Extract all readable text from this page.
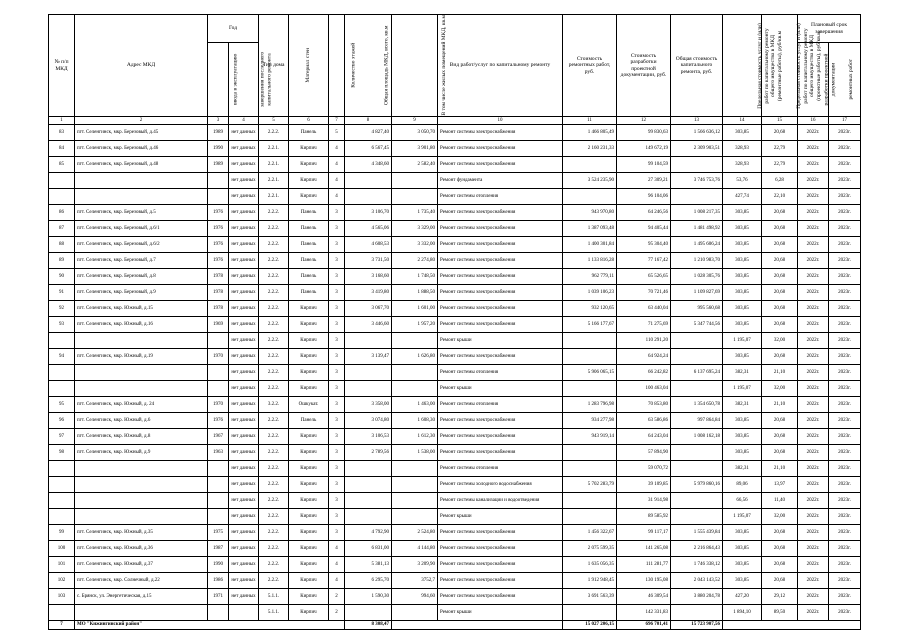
№ п/п МКД	Адрес МКД	Год		Тип дома	Материал стен	Количество этажей	Общая площадь МКД, всего, кв.м	В том числе жилых помещений МКД, кв.м	Вид работ/услуг по капитальному ремонту	Стоимость ремонтных работ, руб.	Стоимость разработки проектной документации, руб.	Общая стоимость капитального ремонта, руб.	Предельная стоимость услуг и (или) работ по капитальному ремонту общего имущества в МКД (ремонтные работы), руб/кв.м	Предельная стоимость услуг и (или) работ по капитальному ремонту общего имущества в МКД (проектные работы), руб/кв.м	Плановый срок завершения	
		ввода в эксплуатацию	завершения последнего капитального ремонта												разработки проектной документации	ремонтных работ
1	2	3	4	5	6	7	8	9	10	11	12	13	14	15	16	17
83	пгт. Селенгинск, мкр. Березовый, д.45	1989	нет данных	2.2.2.	Панель	5	4 827,40	3 050,70	Ремонт системы электроснабжения	1 466 805,49	99 830,63	1 566 636,12	303,85	20,68	2022г.	2023г.
84	пгт. Селенгинск, мкр. Березовый, д.46	1990	нет данных	2.2.1.	Кирпич	4	6 567,45	3 901,80	Ремонт системы электроснабжения	2 160 231,33	149 672,19	2 309 903,51	328,93	22,79	2022г.	2023г.
85	пгт. Селенгинск, мкр. Березовый, д.48	1989	нет данных	2.2.1.	Кирпич	4	4 348,60	2 582,40	Ремонт системы электроснабжения		99 104,59		328,93	22,79	2022г.	2023г.
			нет данных	2.2.1.	Кирпич	4			Ремонт фундамента	3 524 235,90	27 309,21	3 746 753,76	53,76	6,28	2022г.	2023г.
			нет данных	2.2.1.	Кирпич	4			Ремонт системы отопления		96 104,06		427,74	22,10	2022г.	2023г.
86	пгт. Селенгинск, мкр. Березовый, д.5	1976	нет данных	2.2.2.	Панель	3	3 106,70	1 735,40	Ремонт системы электроснабжения	943 970,80	64 246,56	1 008 217,35	303,85	20,68	2022г.	2023г.
87	пгт. Селенгинск, мкр. Березовый, д.6/1	1976	нет данных	2.2.2.	Панель	3	4 565,06	3 329,00	Ремонт системы электроснабжения	1 387 093,48	94 405,44	1 481 498,92	303,85	20,68	2022г.	2023г.
88	пгт. Селенгинск, мкр. Березовый, д.6/2	1976	нет данных	2.2.2.	Панель	3	4 608,53	3 332,00	Ремонт системы электроснабжения	1 400 301,84	95 304,40	1 495 606,24	303,85	20,68	2022г.	2023г.
89	пгт. Селенгинск, мкр. Березовый, д.7	1976	нет данных	2.2.2.	Панель	3	3 731,50	2 274,80	Ремонт системы электроснабжения	1 133 816,28	77 167,42	1 210 983,70	303,85	20,68	2022г.	2023г.
90	пгт. Селенгинск, мкр. Березовый, д.8	1978	нет данных	2.2.2.	Панель	3	3 168,60	1 748,50	Ремонт системы электроснабжения	962 779,11	65 526,65	1 028 305,76	303,85	20,68	2022г.	2023г.
91	пгт. Селенгинск, мкр. Березовый, д.9	1978	нет данных	2.2.2.	Панель	3	3 419,80	1 888,50	Ремонт системы электроснабжения	1 039 106,23	70 721,46	1 109 827,69	303,85	20,68	2022г.	2023г.
92	пгт. Селенгинск, мкр. Южный, д.15	1978	нет данных	2.2.2.	Кирпич	3	3 067,70	1 601,00	Ремонт системы электроснабжения	932 120,65	63 440,04	995 560,68	303,85	20,68	2022г.	2023г.
93	пгт. Селенгинск, мкр. Южный, д.16	1969	нет данных	2.2.2.	Кирпич	3	3 446,60	1 957,20	Ремонт системы электроснабжения	5 166 177,67	71 275,69	5 347 744,56	303,85	20,68	2022г.	2023г.
			нет данных	2.2.2.	Кирпич	3			Ремонт крыши		110 291,20		1 195,07	32,00	2022г.	2023г.
94	пгт. Селенгинск, мкр. Южный, д.19	1970	нет данных	2.2.2.	Кирпич	3	3 139,47	1 626,80	Ремонт системы электроснабжения		64 924,24		303,85	20,68	2022г.	2023г.
			нет данных	2.2.2.	Кирпич	3			Ремонт системы отопления	5 906 065,15	66 242,82	6 137 695,24	382,31	21,10	2022г.	2023г.
			нет данных	2.2.2.	Кирпич	3			Ремонт крыши		100 463,04		1 195,07	32,00	2022г.	2023г.
95	пгт. Селенгинск, мкр. Южный, д. 24	1970	нет данных	3.2.2.	Ошкукат.	3	3 358,00	1 463,00	Ремонт системы отопления	1 283 796,98	70 853,80	1 354 650,78	382,31	21,10	2022г.	2023г.
96	пгт. Селенгинск, мкр. Южный, д.6	1976	нет данных	2.2.2.	Панель	3	3 074,80	1 608,30	Ремонт системы электроснабжения	934 277,98	63 586,86	997 864,84	303,85	20,68	2022г.	2023г.
97	пгт. Селенгинск, мкр. Южный, д.8	1967	нет данных	2.2.2.	Кирпич	3	3 106,53	1 612,30	Ремонт системы электроснабжения	943 919,14	64 243,04	1 008 162,18	303,85	20,68	2022г.	2023г.
98	пгт. Селенгинск, мкр. Южный, д.9	1963	нет данных	2.2.2.	Кирпич	3	2 789,56	1 538,00	Ремонт системы электроснабжения		57 894,90		303,85	20,68	2022г.	2023г.
			нет данных	2.2.2.	Кирпич	3			Ремонт системы отопления		59 070,72		382,31	21,10	2022г.	2023г.
			нет данных	2.2.2.	Кирпич	3			Ремонт системы холодного водоснабжения	5 702 283,79	39 109,85	5 979 860,16	89,06	13,97	2022г.	2023г.
			нет данных	2.2.2.	Кирпич	3			Ремонт системы канализации и водоотведения		31 914,98		66,56	11,40	2022г.	2023г.
			нет данных	2.2.2.	Кирпич	3			Ремонт крыши		89 585,92		1 195,07	32,00	2022г.	2023г.
99	пгт. Селенгинск, мкр. Южный, д.35	1975	нет данных	2.2.2.	Кирпич	3	4 792,90	2 524,80	Ремонт системы электроснабжения	1 456 322,67	99 117,17	1 555 439,84	303,85	20,68	2022г.	2023г.
100	пгт. Селенгинск, мкр. Южный, д.36	1987	нет данных	2.2.2.	Кирпич	4	6 831,00	4 144,80	Ремонт системы электроснабжения	2 075 599,35	141 265,08	2 216 864,43	303,85	20,68	2022г.	2023г.
101	пгт. Селенгинск, мкр. Южный, д.37	1990	нет данных	2.2.2.	Кирпич	4	5 381,13	3 209,90	Ремонт системы электроснабжения	1 635 056,35	111 281,77	1 746 338,12	303,85	20,68	2022г.	2023г.
102	пгт. Селенгинск, мкр. Солнечный, д.22	1986	нет данных	2.2.2.	Кирпич	4	6 295,70	3752,7	Ремонт системы электроснабжения	1 912 948,45	130 195,08	2 043 143,52	303,85	20,68	2022г.	2023г.
103	с. Брянск, ул. Энергетическая, д.15	1971	нет данных	5.1.1.	Кирпич	2	1 590,30	994,60	Ремонт системы электроснабжения	3 691 563,39	46 309,54	3 880 204,78	427,20	29,12	2022г.	2023г.
				5.1.1.	Кирпич	2			Ремонт крыши		142 331,83		1 894,10	89,50	2022г.	2023г.
7	МО "Кижингинский район"						8 308,47			15 027 206,15	696 701,41	15 723 907,56				
